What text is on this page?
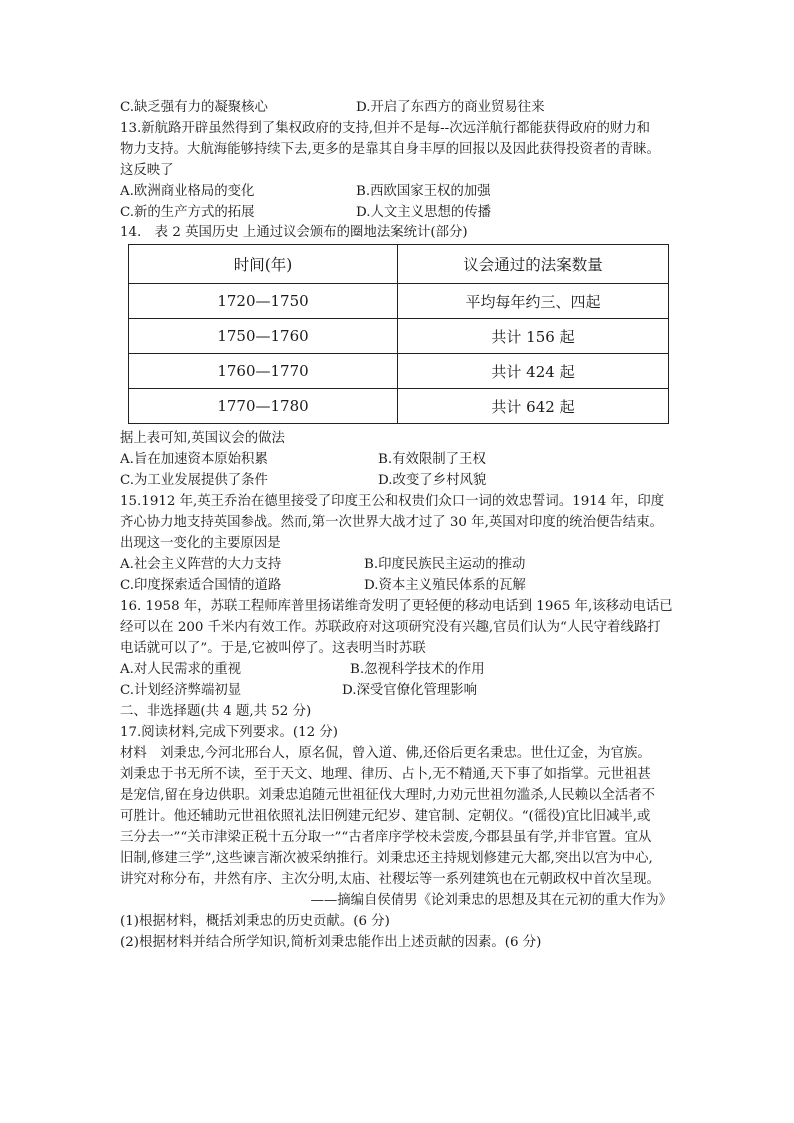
C.缺乏强有力的凝聚核心	D.开启了东西方的商业贸易往来
13.新航路开辟虽然得到了集权政府的支持,但并不是每--次远洋航行都能获得政府的财力和
物力支持。大航海能够持续下去,更多的是靠其自身丰厚的回报以及因此获得投资者的青睐。
这反映了
A.欧洲商业格局的变化	B.西欧国家王权的加强
C.新的生产方式的拓展	D.人文主义思想的传播
14.　表 2 英国历史 上通过议会颁布的圈地法案统计(部分)
时间(年)	议会通过的法案数量
1720—1750	平均每年约三、四起
1750—1760	共计 156 起
1760—1770	共计 424 起
1770—1780	共计 642 起
据上表可知,英国议会的做法
A.旨在加速资本原始积累	B.有效限制了王权
C.为工业发展提供了条件	D.改变了乡村风貌
15.1912 年,英王乔治在德里接受了印度王公和权贵们众口一词的效忠誓词。1914 年，印度
齐心协力地支持英国参战。然而,第一次世界大战才过了 30 年,英国对印度的统治便告结束。
出现这一变化的主要原因是
A.社会主义阵营的大力支持	B.印度民族民主运动的推动
C.印度探索适合国情的道路	D.资本主义殖民体系的瓦解
16. 1958 年，苏联工程师库普里扬诺维奇发明了更轻便的移动电话到 1965 年,该移动电话已
经可以在 200 千米内有效工作。苏联政府对这项研究没有兴趣,官员们认为“人民守着线路打
电话就可以了”。于是,它被叫停了。这表明当时苏联
A.对人民需求的重视	B.忽视科学技术的作用
C.计划经济弊端初显	D.深受官僚化管理影响
二、非选择题(共 4 题,共 52 分)
17.阅读材料,完成下列要求。(12 分)
材料　刘秉忠,今河北邢台人，原名侃，曾入道、佛,还俗后更名秉忠。世仕辽金，为官族。
刘秉忠于书无所不读，至于天文、地理、律历、占卜,无不精通,天下事了如指掌。元世祖甚
是宠信,留在身边供职。刘秉忠追随元世祖征伐大理时,力劝元世祖勿滥杀,人民赖以全活者不
可胜计。他还辅助元世祖依照礼法旧例建元纪岁、建官制、定朝仪。“(徭役)宜比旧减半,或
三分去一”“关市津梁正税十五分取一”“古者庠序学校未尝废,今郡县虽有学,并非官置。宜从
旧制,修建三学”,这些谏言渐次被采纳推行。刘秉忠还主持规划修建元大都,突出以宫为中心,
讲究对称分布，井然有序、主次分明,太庙、社稷坛等一系列建筑也在元朝政权中首次呈现。
——摘编自侯倩男《论刘秉忠的思想及其在元初的重大作为》
(1)根据材料，概括刘秉忠的历史贡献。(6 分)
(2)根据材料并结合所学知识,简析刘秉忠能作出上述贡献的因素。(6 分)
